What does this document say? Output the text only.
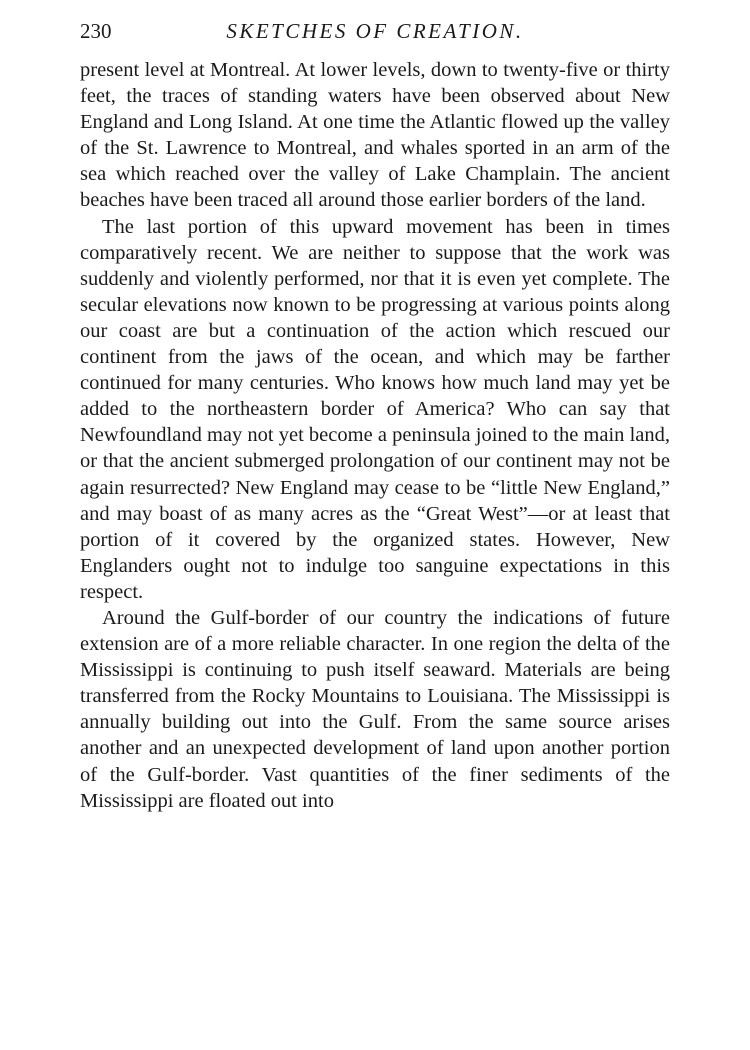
230	SKETCHES OF CREATION.

present level at Montreal. At lower levels, down to twenty-five or thirty feet, the traces of standing waters have been observed about New England and Long Island. At one time the Atlantic flowed up the valley of the St. Lawrence to Montreal, and whales sported in an arm of the sea which reached over the valley of Lake Champlain. The ancient beaches have been traced all around those earlier borders of the land.

The last portion of this upward movement has been in times comparatively recent. We are neither to suppose that the work was suddenly and violently performed, nor that it is even yet complete. The secular elevations now known to be progressing at various points along our coast are but a continuation of the action which rescued our continent from the jaws of the ocean, and which may be farther continued for many centuries. Who knows how much land may yet be added to the northeastern border of America? Who can say that Newfoundland may not yet become a peninsula joined to the main land, or that the ancient submerged prolongation of our continent may not be again resurrected? New England may cease to be “little New England,” and may boast of as many acres as the “Great West”—or at least that portion of it covered by the organized states. However, New Englanders ought not to indulge too sanguine expectations in this respect.

Around the Gulf-border of our country the indications of future extension are of a more reliable character. In one region the delta of the Mississippi is continuing to push itself seaward. Materials are being transferred from the Rocky Mountains to Louisiana. The Mississippi is annually building out into the Gulf. From the same source arises another and an unexpected development of land upon another portion of the Gulf-border. Vast quantities of the finer sediments of the Mississippi are floated out into
